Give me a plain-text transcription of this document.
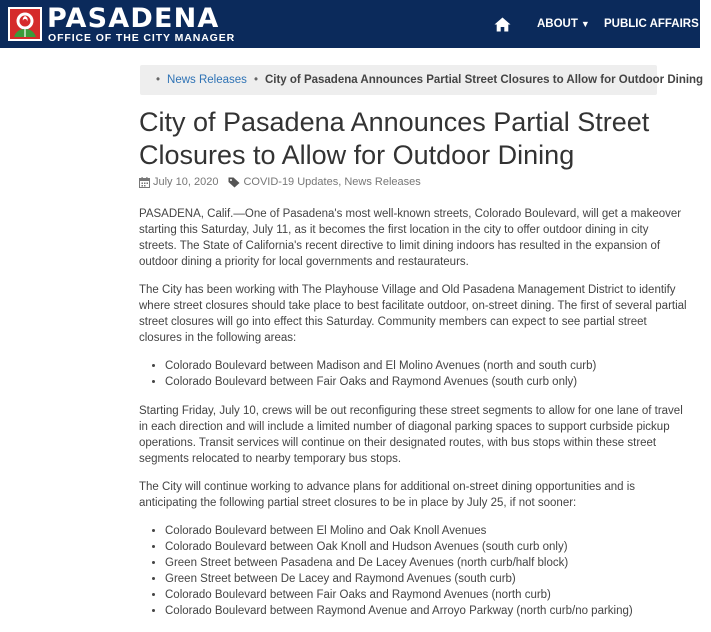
PASADENA
OFFICE OF THE CITY MANAGER
ABOUT ▼ PUBLIC AFFAIRS ▼
• News Releases • City of Pasadena Announces Partial Street Closures to Allow for Outdoor Dining
City of Pasadena Announces Partial Street Closures to Allow for Outdoor Dining
July 10, 2020 COVID-19 Updates , News Releases

PASADENA, Calif.—One of Pasadena's most well-known streets, Colorado Boulevard, will get a makeover starting this Saturday, July 11, as it becomes the first location in the city to offer outdoor dining in city streets. The State of California's recent directive to limit dining indoors has resulted in the expansion of outdoor dining a priority for local governments and restaurateurs.

The City has been working with The Playhouse Village and Old Pasadena Management District to identify where street closures should take place to best facilitate outdoor, on-street dining. The first of several partial street closures will go into effect this Saturday. Community members can expect to see partial street closures in the following areas:

• Colorado Boulevard between Madison and El Molino Avenues (north and south curb)
• Colorado Boulevard between Fair Oaks and Raymond Avenues (south curb only)

Starting Friday, July 10, crews will be out reconfiguring these street segments to allow for one lane of travel in each direction and will include a limited number of diagonal parking spaces to support curbside pickup operations. Transit services will continue on their designated routes, with bus stops within these street segments relocated to nearby temporary bus stops.

The City will continue working to advance plans for additional on-street dining opportunities and is anticipating the following partial street closures to be in place by July 25, if not sooner:

• Colorado Boulevard between El Molino and Oak Knoll Avenues
• Colorado Boulevard between Oak Knoll and Hudson Avenues (south curb only)
• Green Street between Pasadena and De Lacey Avenues (north curb/half block)
• Green Street between De Lacey and Raymond Avenues (south curb)
• Colorado Boulevard between Fair Oaks and Raymond Avenues (north curb)
• Colorado Boulevard between Raymond Avenue and Arroyo Parkway (north curb/no parking)
